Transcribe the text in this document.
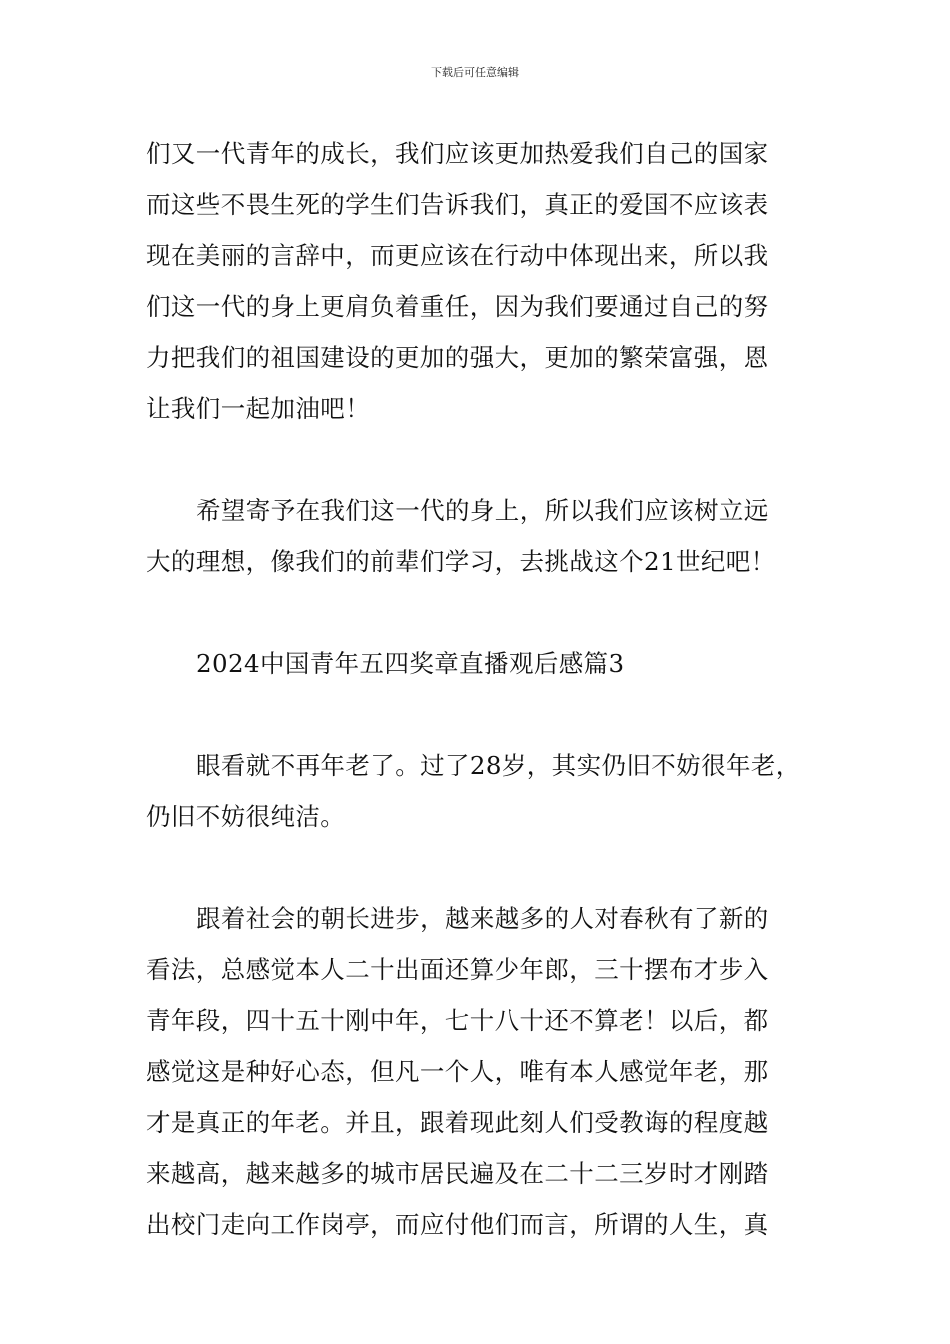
下载后可任意编辑
们又一代青年的成长，我们应该更加热爱我们自己的国家
而这些不畏生死的学生们告诉我们，真正的爱国不应该表
现在美丽的言辞中，而更应该在行动中体现出来，所以我
们这一代的身上更肩负着重任，因为我们要通过自己的努
力把我们的祖国建设的更加的强大，更加的繁荣富强，恩
让我们一起加油吧！
希望寄予在我们这一代的身上，所以我们应该树立远
大的理想，像我们的前辈们学习，去挑战这个21世纪吧！
2024中国青年五四奖章直播观后感篇3
眼看就不再年老了。过了28岁，其实仍旧不妨很年老，
仍旧不妨很纯洁。
跟着社会的朝长进步，越来越多的人对春秋有了新的
看法，总感觉本人二十出面还算少年郎，三十摆布才步入
青年段，四十五十刚中年，七十八十还不算老！以后，都
感觉这是种好心态，但凡一个人，唯有本人感觉年老，那
才是真正的年老。并且，跟着现此刻人们受教诲的程度越
来越高，越来越多的城市居民遍及在二十二三岁时才刚踏
出校门走向工作岗亭，而应付他们而言，所谓的人生，真
